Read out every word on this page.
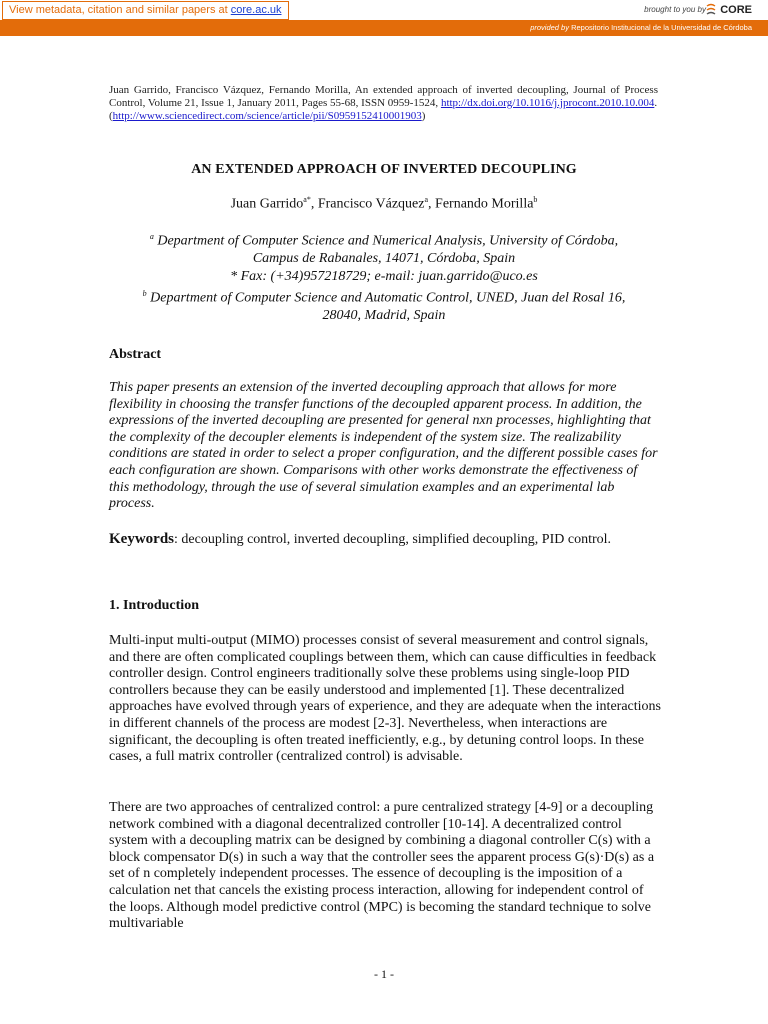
View metadata, citation and similar papers at core.ac.uk	brought to you by CORE
provided by Repositorio Institucional de la Universidad de Córdoba
Juan Garrido, Francisco Vázquez, Fernando Morilla, An extended approach of inverted decoupling, Journal of Process Control, Volume 21, Issue 1, January 2011, Pages 55-68, ISSN 0959-1524, http://dx.doi.org/10.1016/j.jprocont.2010.10.004.
(http://www.sciencedirect.com/science/article/pii/S0959152410001903)
AN EXTENDED APPROACH OF INVERTED DECOUPLING
Juan Garrido$^{a*}$, Francisco Vázquez$^a$, Fernando Morilla$^b$
$^a$ Department of Computer Science and Numerical Analysis, University of Córdoba,
Campus de Rabanales, 14071, Córdoba, Spain
* Fax: (+34)957218729; e-mail: juan.garrido@uco.es
$^b$ Department of Computer Science and Automatic Control, UNED, Juan del Rosal 16,
28040, Madrid, Spain
Abstract
This paper presents an extension of the inverted decoupling approach that allows for more flexibility in choosing the transfer functions of the decoupled apparent process. In addition, the expressions of the inverted decoupling are presented for general nxn processes, highlighting that the complexity of the decoupler elements is independent of the system size. The realizability conditions are stated in order to select a proper configuration, and the different possible cases for each configuration are shown. Comparisons with other works demonstrate the effectiveness of this methodology, through the use of several simulation examples and an experimental lab process.
Keywords: decoupling control, inverted decoupling, simplified decoupling, PID control.
1. Introduction
Multi-input multi-output (MIMO) processes consist of several measurement and control signals, and there are often complicated couplings between them, which can cause difficulties in feedback controller design. Control engineers traditionally solve these problems using single-loop PID controllers because they can be easily understood and implemented [1]. These decentralized approaches have evolved through years of experience, and they are adequate when the interactions in different channels of the process are modest [2-3]. Nevertheless, when interactions are significant, the decoupling is often treated inefficiently, e.g., by detuning control loops. In these cases, a full matrix controller (centralized control) is advisable.
There are two approaches of centralized control: a pure centralized strategy [4-9] or a decoupling network combined with a diagonal decentralized controller [10-14]. A decentralized control system with a decoupling matrix can be designed by combining a diagonal controller C(s) with a block compensator D(s) in such a way that the controller sees the apparent process G(s)·D(s) as a set of n completely independent processes. The essence of decoupling is the imposition of a calculation net that cancels the existing process interaction, allowing for independent control of the loops. Although model predictive control (MPC) is becoming the standard technique to solve multivariable
- 1 -
